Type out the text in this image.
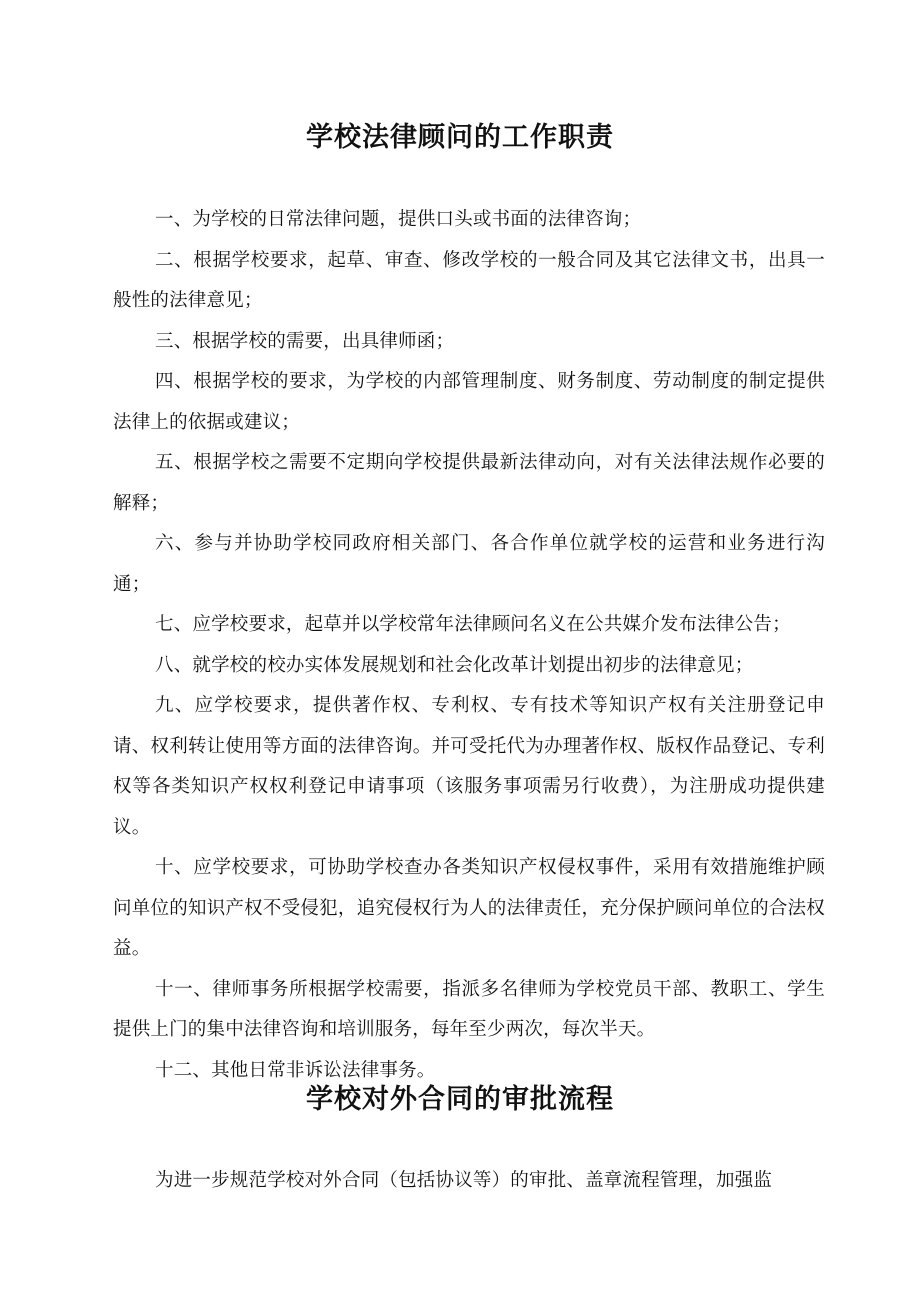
学校法律顾问的工作职责

一、为学校的日常法律问题，提供口头或书面的法律咨询；

二、根据学校要求，起草、审查、修改学校的一般合同及其它法律文书，出具一般性的法律意见；

三、根据学校的需要，出具律师函；

四、根据学校的要求，为学校的内部管理制度、财务制度、劳动制度的制定提供法律上的依据或建议；

五、根据学校之需要不定期向学校提供最新法律动向，对有关法律法规作必要的解释；

六、参与并协助学校同政府相关部门、各合作单位就学校的运营和业务进行沟通；

七、应学校要求，起草并以学校常年法律顾问名义在公共媒介发布法律公告；

八、就学校的校办实体发展规划和社会化改革计划提出初步的法律意见；

九、应学校要求，提供著作权、专利权、专有技术等知识产权有关注册登记申请、权利转让使用等方面的法律咨询。并可受托代为办理著作权、版权作品登记、专利权等各类知识产权权利登记申请事项（该服务事项需另行收费），为注册成功提供建议。

十、应学校要求，可协助学校查办各类知识产权侵权事件，采用有效措施维护顾问单位的知识产权不受侵犯，追究侵权行为人的法律责任，充分保护顾问单位的合法权益。

十一、律师事务所根据学校需要，指派多名律师为学校党员干部、教职工、学生提供上门的集中法律咨询和培训服务，每年至少两次，每次半天。

十二、其他日常非诉讼法律事务。

学校对外合同的审批流程

为进一步规范学校对外合同（包括协议等）的审批、盖章流程管理，加强监
